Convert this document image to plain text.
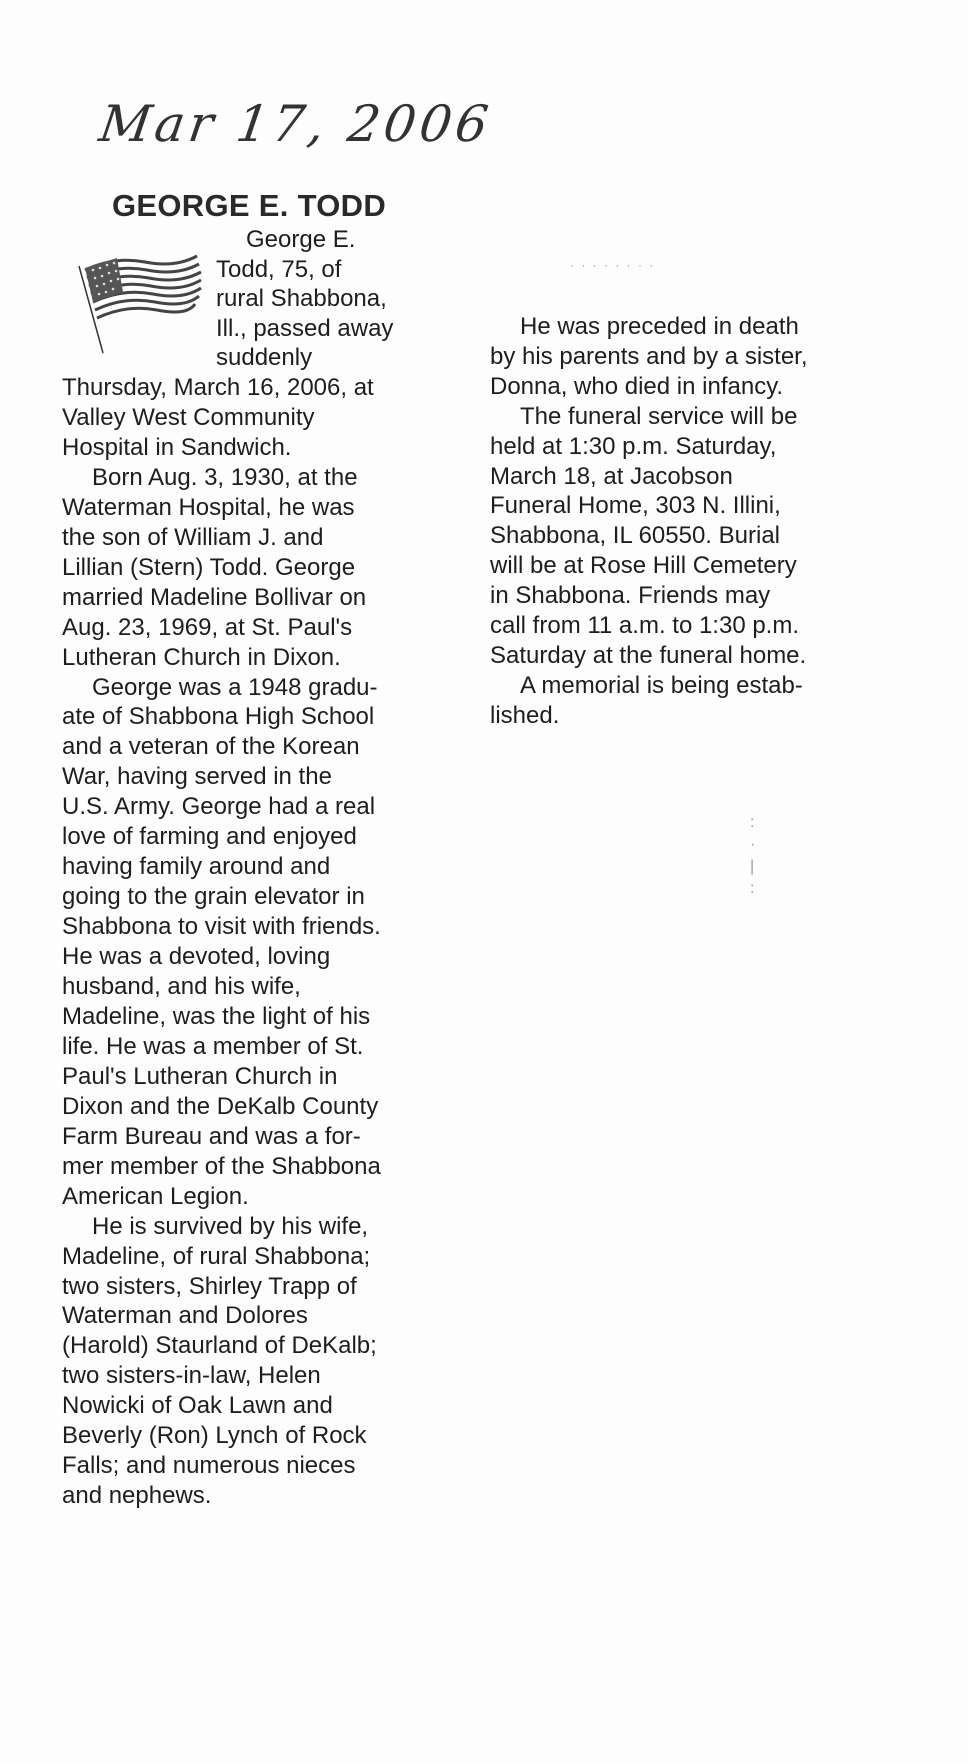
Mar 17, 2006
GEORGE E. TODD
George E.
Todd, 75, of
rural Shabbona,
Ill., passed away
suddenly
Thursday, March 16, 2006, at
Valley West Community
Hospital in Sandwich.
Born Aug. 3, 1930, at the
Waterman Hospital, he was
the son of William J. and
Lillian (Stern) Todd. George
married Madeline Bollivar on
Aug. 23, 1969, at St. Paul's
Lutheran Church in Dixon.
George was a 1948 gradu-
ate of Shabbona High School
and a veteran of the Korean
War, having served in the
U.S. Army. George had a real
love of farming and enjoyed
having family around and
going to the grain elevator in
Shabbona to visit with friends.
He was a devoted, loving
husband, and his wife,
Madeline, was the light of his
life. He was a member of St.
Paul's Lutheran Church in
Dixon and the DeKalb County
Farm Bureau and was a for-
mer member of the Shabbona
American Legion.
He is survived by his wife,
Madeline, of rural Shabbona;
two sisters, Shirley Trapp of
Waterman and Dolores
(Harold) Staurland of DeKalb;
two sisters-in-law, Helen
Nowicki of Oak Lawn and
Beverly (Ron) Lynch of Rock
Falls; and numerous nieces
and nephews.
He was preceded in death
by his parents and by a sister,
Donna, who died in infancy.
The funeral service will be
held at 1:30 p.m. Saturday,
March 18, at Jacobson
Funeral Home, 303 N. Illini,
Shabbona, IL 60550. Burial
will be at Rose Hill Cemetery
in Shabbona. Friends may
call from 11 a.m. to 1:30 p.m.
Saturday at the funeral home.
A memorial is being estab-
lished.
· · · · · · · ·
:
·
|
:
